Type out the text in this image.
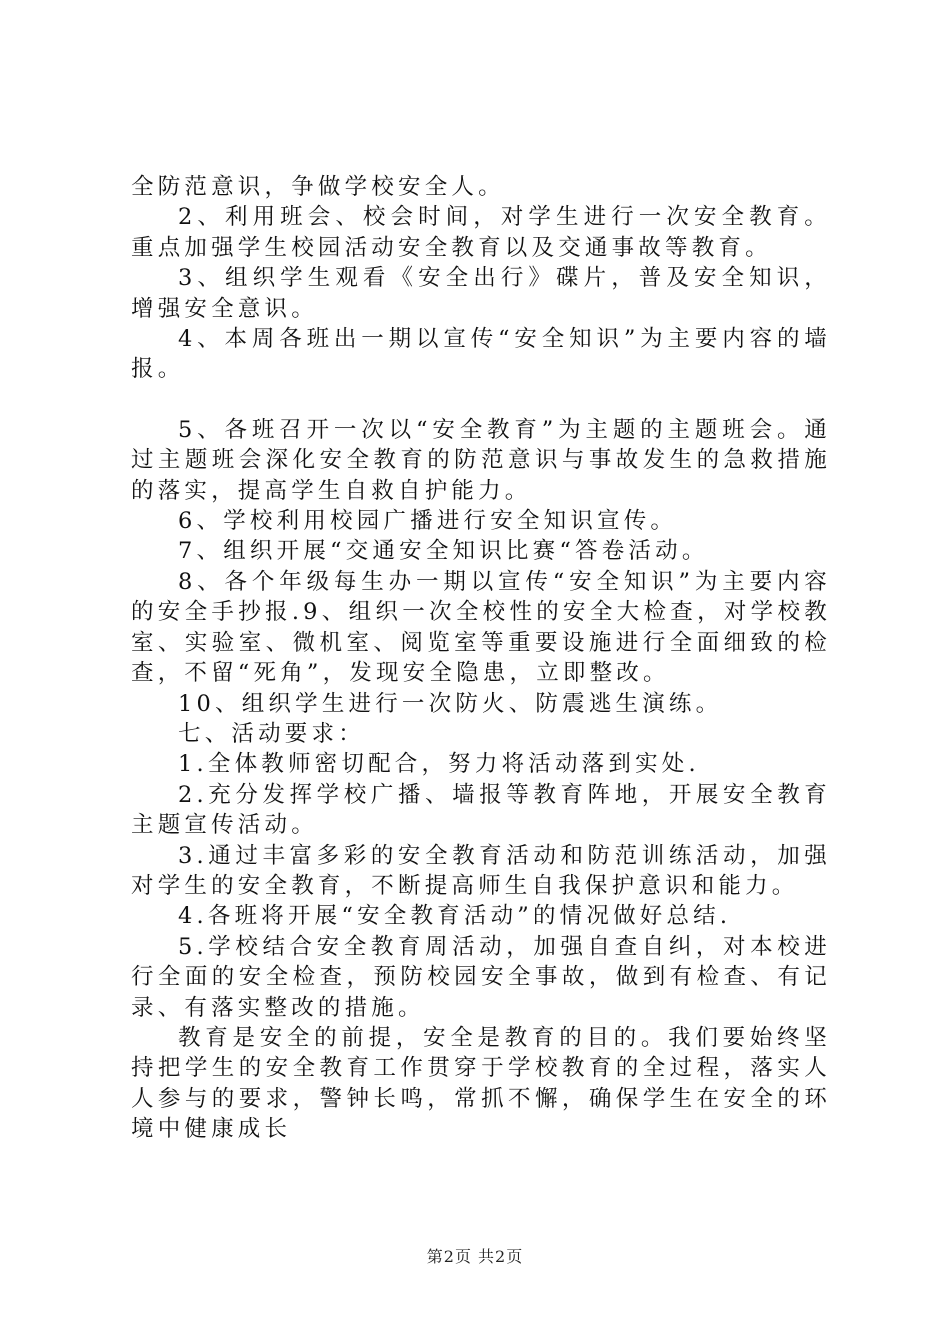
全防范意识，争做学校安全人。

2、利用班会、校会时间，对学生进行一次安全教育。重点加强学生校园活动安全教育以及交通事故等教育。

3、组织学生观看《安全出行》碟片，普及安全知识，增强安全意识。

4、本周各班出一期以宣传“安全知识”为主要内容的墙报。

5、各班召开一次以“安全教育”为主题的主题班会。通过主题班会深化安全教育的防范意识与事故发生的急救措施的落实，提高学生自救自护能力。

6、学校利用校园广播进行安全知识宣传。

7、组织开展“交通安全知识比赛“答卷活动。

8、各个年级每生办一期以宣传“安全知识”为主要内容的安全手抄报.9、组织一次全校性的安全大检查，对学校教室、实验室、微机室、阅览室等重要设施进行全面细致的检查，不留“死角”，发现安全隐患，立即整改。

10、组织学生进行一次防火、防震逃生演练。

七、活动要求：

1.全体教师密切配合，努力将活动落到实处.

2.充分发挥学校广播、墙报等教育阵地，开展安全教育主题宣传活动。

3.通过丰富多彩的安全教育活动和防范训练活动，加强对学生的安全教育，不断提高师生自我保护意识和能力。

4.各班将开展“安全教育活动”的情况做好总结.

5.学校结合安全教育周活动，加强自查自纠，对本校进行全面的安全检查，预防校园安全事故，做到有检查、有记录、有落实整改的措施。

教育是安全的前提，安全是教育的目的。我们要始终坚持把学生的安全教育工作贯穿于学校教育的全过程，落实人人参与的要求，警钟长鸣，常抓不懈，确保学生在安全的环境中健康成长

第2页 共2页
